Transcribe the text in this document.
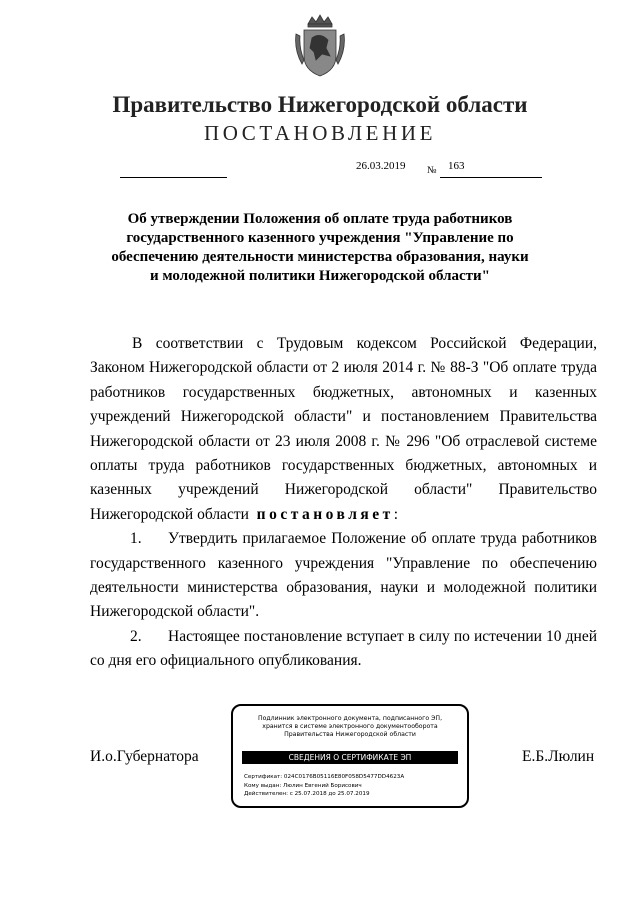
Правительство Нижегородской области
ПОСТАНОВЛЕНИЕ
26.03.2019 № 163
Об утверждении Положения об оплате труда работников
государственного казенного учреждения "Управление по
обеспечению деятельности министерства образования, науки
и молодежной политики Нижегородской области"

В соответствии с Трудовым кодексом Российской Федерации, Законом Нижегородской области от 2 июля 2014 г. № 88-З "Об оплате труда работников государственных бюджетных, автономных и казенных учреждений Нижегородской области" и постановлением Правительства Нижегородской области от 23 июля 2008 г. № 296 "Об отраслевой системе оплаты труда работников государственных бюджетных, автономных и казенных учреждений Нижегородской области" Правительство Нижегородской области постановляет:

1. Утвердить прилагаемое Положение об оплате труда работников государственного казенного учреждения "Управление по обеспечению деятельности министерства образования, науки и молодежной политики Нижегородской области".

2. Настоящее постановление вступает в силу по истечении 10 дней со дня его официального опубликования.

И.о.Губернатора	Е.Б.Люлин
Подлинник электронного документа, подписанного ЭП,
хранится в системе электронного документооборота
Правительства Нижегородской области
СВЕДЕНИЯ О СЕРТИФИКАТЕ ЭП
Сертификат: 024C0176B05116E80F058D5477DD4623A
Кому выдан: Люлин Евгений Борисович
Действителен: с 25.07.2018 до 25.07.2019
